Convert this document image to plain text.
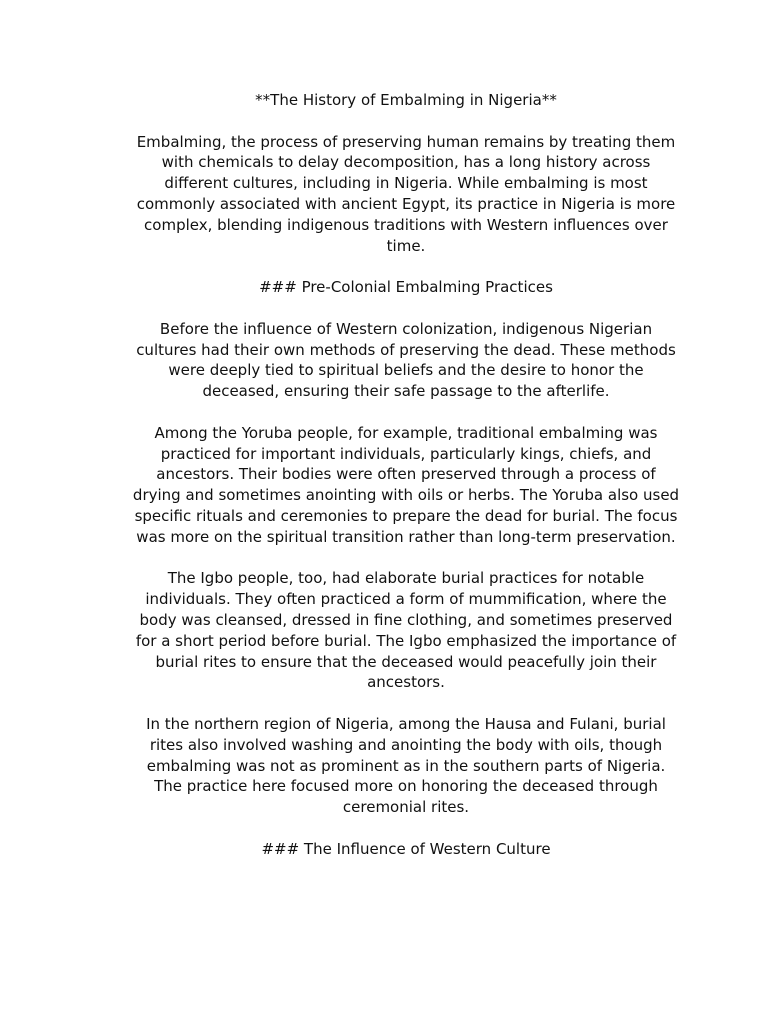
**The History of Embalming in Nigeria**

Embalming, the process of preserving human remains by treating them with chemicals to delay decomposition, has a long history across different cultures, including in Nigeria. While embalming is most commonly associated with ancient Egypt, its practice in Nigeria is more complex, blending indigenous traditions with Western influences over time.

### Pre-Colonial Embalming Practices

Before the influence of Western colonization, indigenous Nigerian cultures had their own methods of preserving the dead. These methods were deeply tied to spiritual beliefs and the desire to honor the deceased, ensuring their safe passage to the afterlife.

Among the Yoruba people, for example, traditional embalming was practiced for important individuals, particularly kings, chiefs, and ancestors. Their bodies were often preserved through a process of drying and sometimes anointing with oils or herbs. The Yoruba also used specific rituals and ceremonies to prepare the dead for burial. The focus was more on the spiritual transition rather than long-term preservation.

The Igbo people, too, had elaborate burial practices for notable individuals. They often practiced a form of mummification, where the body was cleansed, dressed in fine clothing, and sometimes preserved for a short period before burial. The Igbo emphasized the importance of burial rites to ensure that the deceased would peacefully join their ancestors.

In the northern region of Nigeria, among the Hausa and Fulani, burial rites also involved washing and anointing the body with oils, though embalming was not as prominent as in the southern parts of Nigeria. The practice here focused more on honoring the deceased through ceremonial rites.

### The Influence of Western Culture
